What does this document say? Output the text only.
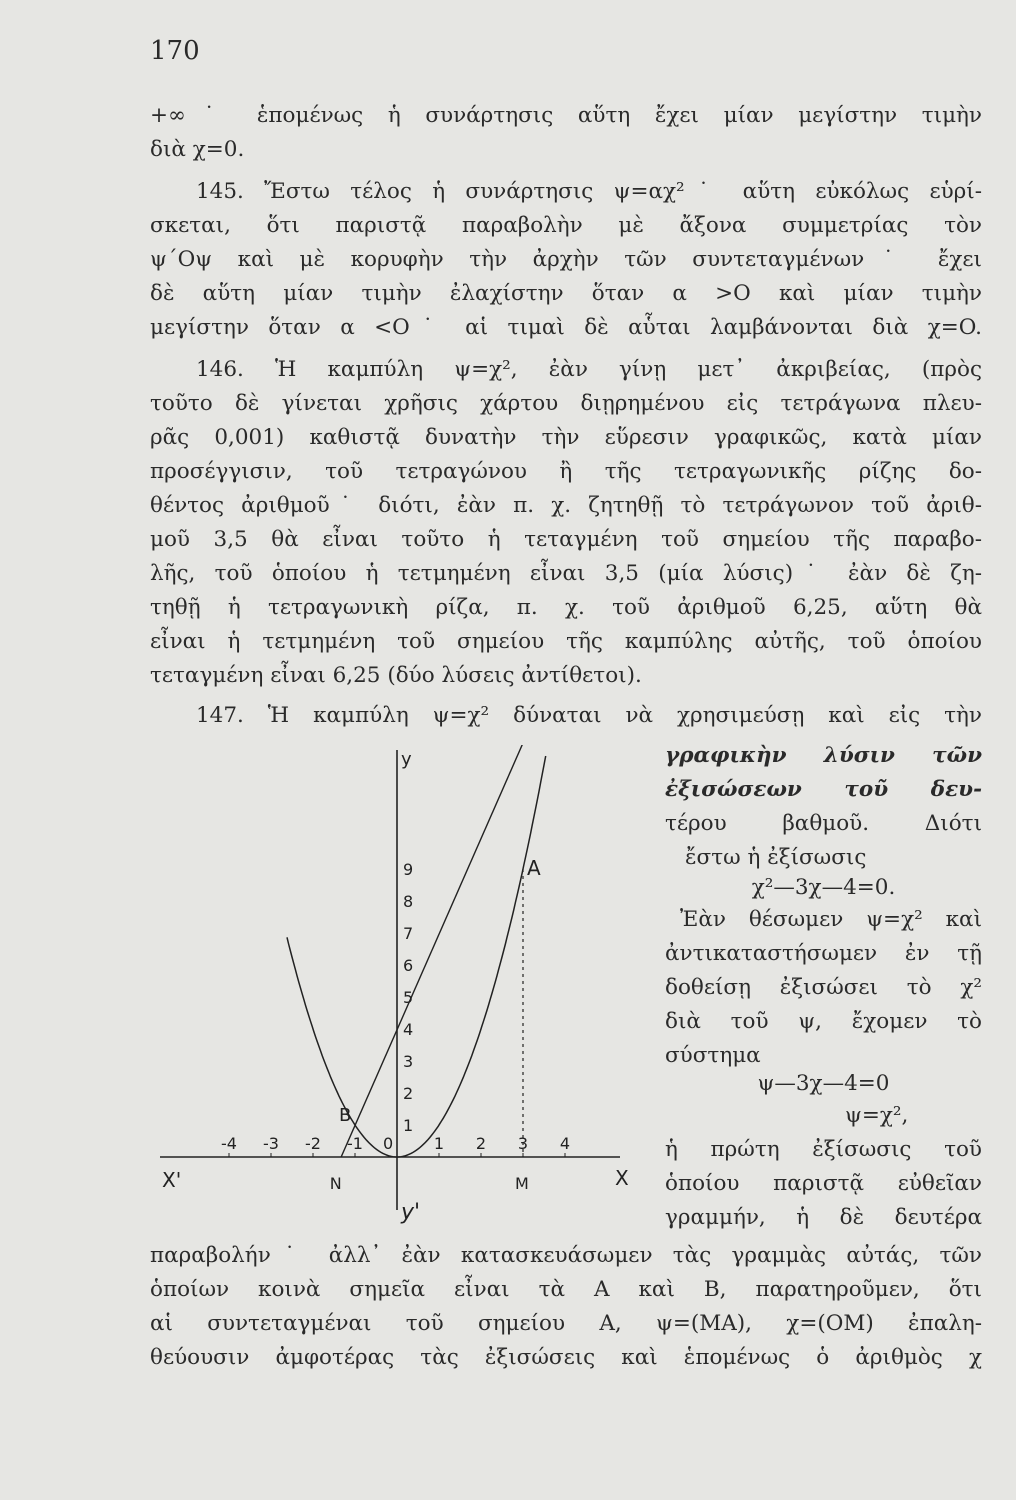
170
+∞˙ ἑπομένως ἡ συνάρτησις αὕτη ἔχει μίαν μεγίστην τιμὴν
διὰ χ=0.
145. Ἔστω τέλος ἡ συνάρτησις ψ=αχ²˙ αὕτη εὐκόλως εὑρί-
σκεται, ὅτι παριστᾷ παραβολὴν μὲ ἄξονα συμμετρίας τὸν
ψ΄Οψ καὶ μὲ κορυφὴν τὴν ἀρχὴν τῶν συντεταγμένων˙ ἔχει
δὲ αὕτη μίαν τιμὴν ἐλαχίστην ὅταν α >O καὶ μίαν τιμὴν
μεγίστην ὅταν α <O˙ αἱ τιμαὶ δὲ αὗται λαμβάνονται διὰ χ=O.
146. Ἡ καμπύλη ψ=χ², ἐὰν γίνῃ μετ᾽ ἀκριβείας, (πρὸς
τοῦτο δὲ γίνεται χρῆσις χάρτου διῃρημένου εἰς τετράγωνα πλευ-
ρᾶς 0,001) καθιστᾷ δυνατὴν τὴν εὕρεσιν γραφικῶς, κατὰ μίαν
προσέγγισιν, τοῦ τετραγώνου ἢ τῆς τετραγωνικῆς ρίζης δο-
θέντος ἀριθμοῦ˙ διότι, ἐὰν π. χ. ζητηθῇ τὸ τετράγωνον τοῦ ἀριθ-
μοῦ 3,5 θὰ εἶναι τοῦτο ἡ τεταγμένη τοῦ σημείου τῆς παραβο-
λῆς, τοῦ ὁποίου ἡ τετμημένη εἶναι 3,5 (μία λύσις)˙ ἐὰν δὲ ζη-
τηθῇ ἡ τετραγωνικὴ ρίζα, π. χ. τοῦ ἀριθμοῦ 6,25, αὕτη θὰ
εἶναι ἡ τετμημένη τοῦ σημείου τῆς καμπύλης αὐτῆς, τοῦ ὁποίου
τεταγμένη εἶναι 6,25 (δύο λύσεις ἀντίθετοι).
147. Ἡ καμπύλη ψ=χ² δύναται νὰ χρησιμεύσῃ καὶ εἰς τὴν
γραφικὴν λύσιν τῶν
ἐξισώσεων τοῦ δευ-
τέρου βαθμοῦ. Διότι
ἔστω ἡ ἐξίσωσις
χ²—3χ—4=0.
Ἐὰν θέσωμεν ψ=χ² καὶ
ἀντικαταστήσωμεν ἐν τῇ
δοθείσῃ ἐξισώσει τὸ χ²
διὰ τοῦ ψ, ἔχομεν τὸ
σύστημα
ψ—3χ—4=0
ψ=χ²,
ἡ πρώτη ἐξίσωσις τοῦ
ὁποίου παριστᾷ εὐθεῖαν
γραμμήν, ἡ δὲ δευτέρα
παραβολήν˙ ἀλλ᾽ ἐὰν κατασκευάσωμεν τὰς γραμμὰς αὐτάς, τῶν
ὁποίων κοινὰ σημεῖα εἶναι τὰ Α καὶ Β, παρατηροῦμεν, ὅτι
αἱ συντεταγμέναι τοῦ σημείου Α, ψ=(ΜΑ), χ=(ΟΜ) ἐπαλη-
θεύουσιν ἀμφοτέρας τὰς ἐξισώσεις καὶ ἑπομένως ὁ ἀριθμὸς χ
-4 -3 -2 -1	1 2 3 4
1
2
3
4
5
6
7
8
9	A
B
N	M
0
X'	X
y
y'
